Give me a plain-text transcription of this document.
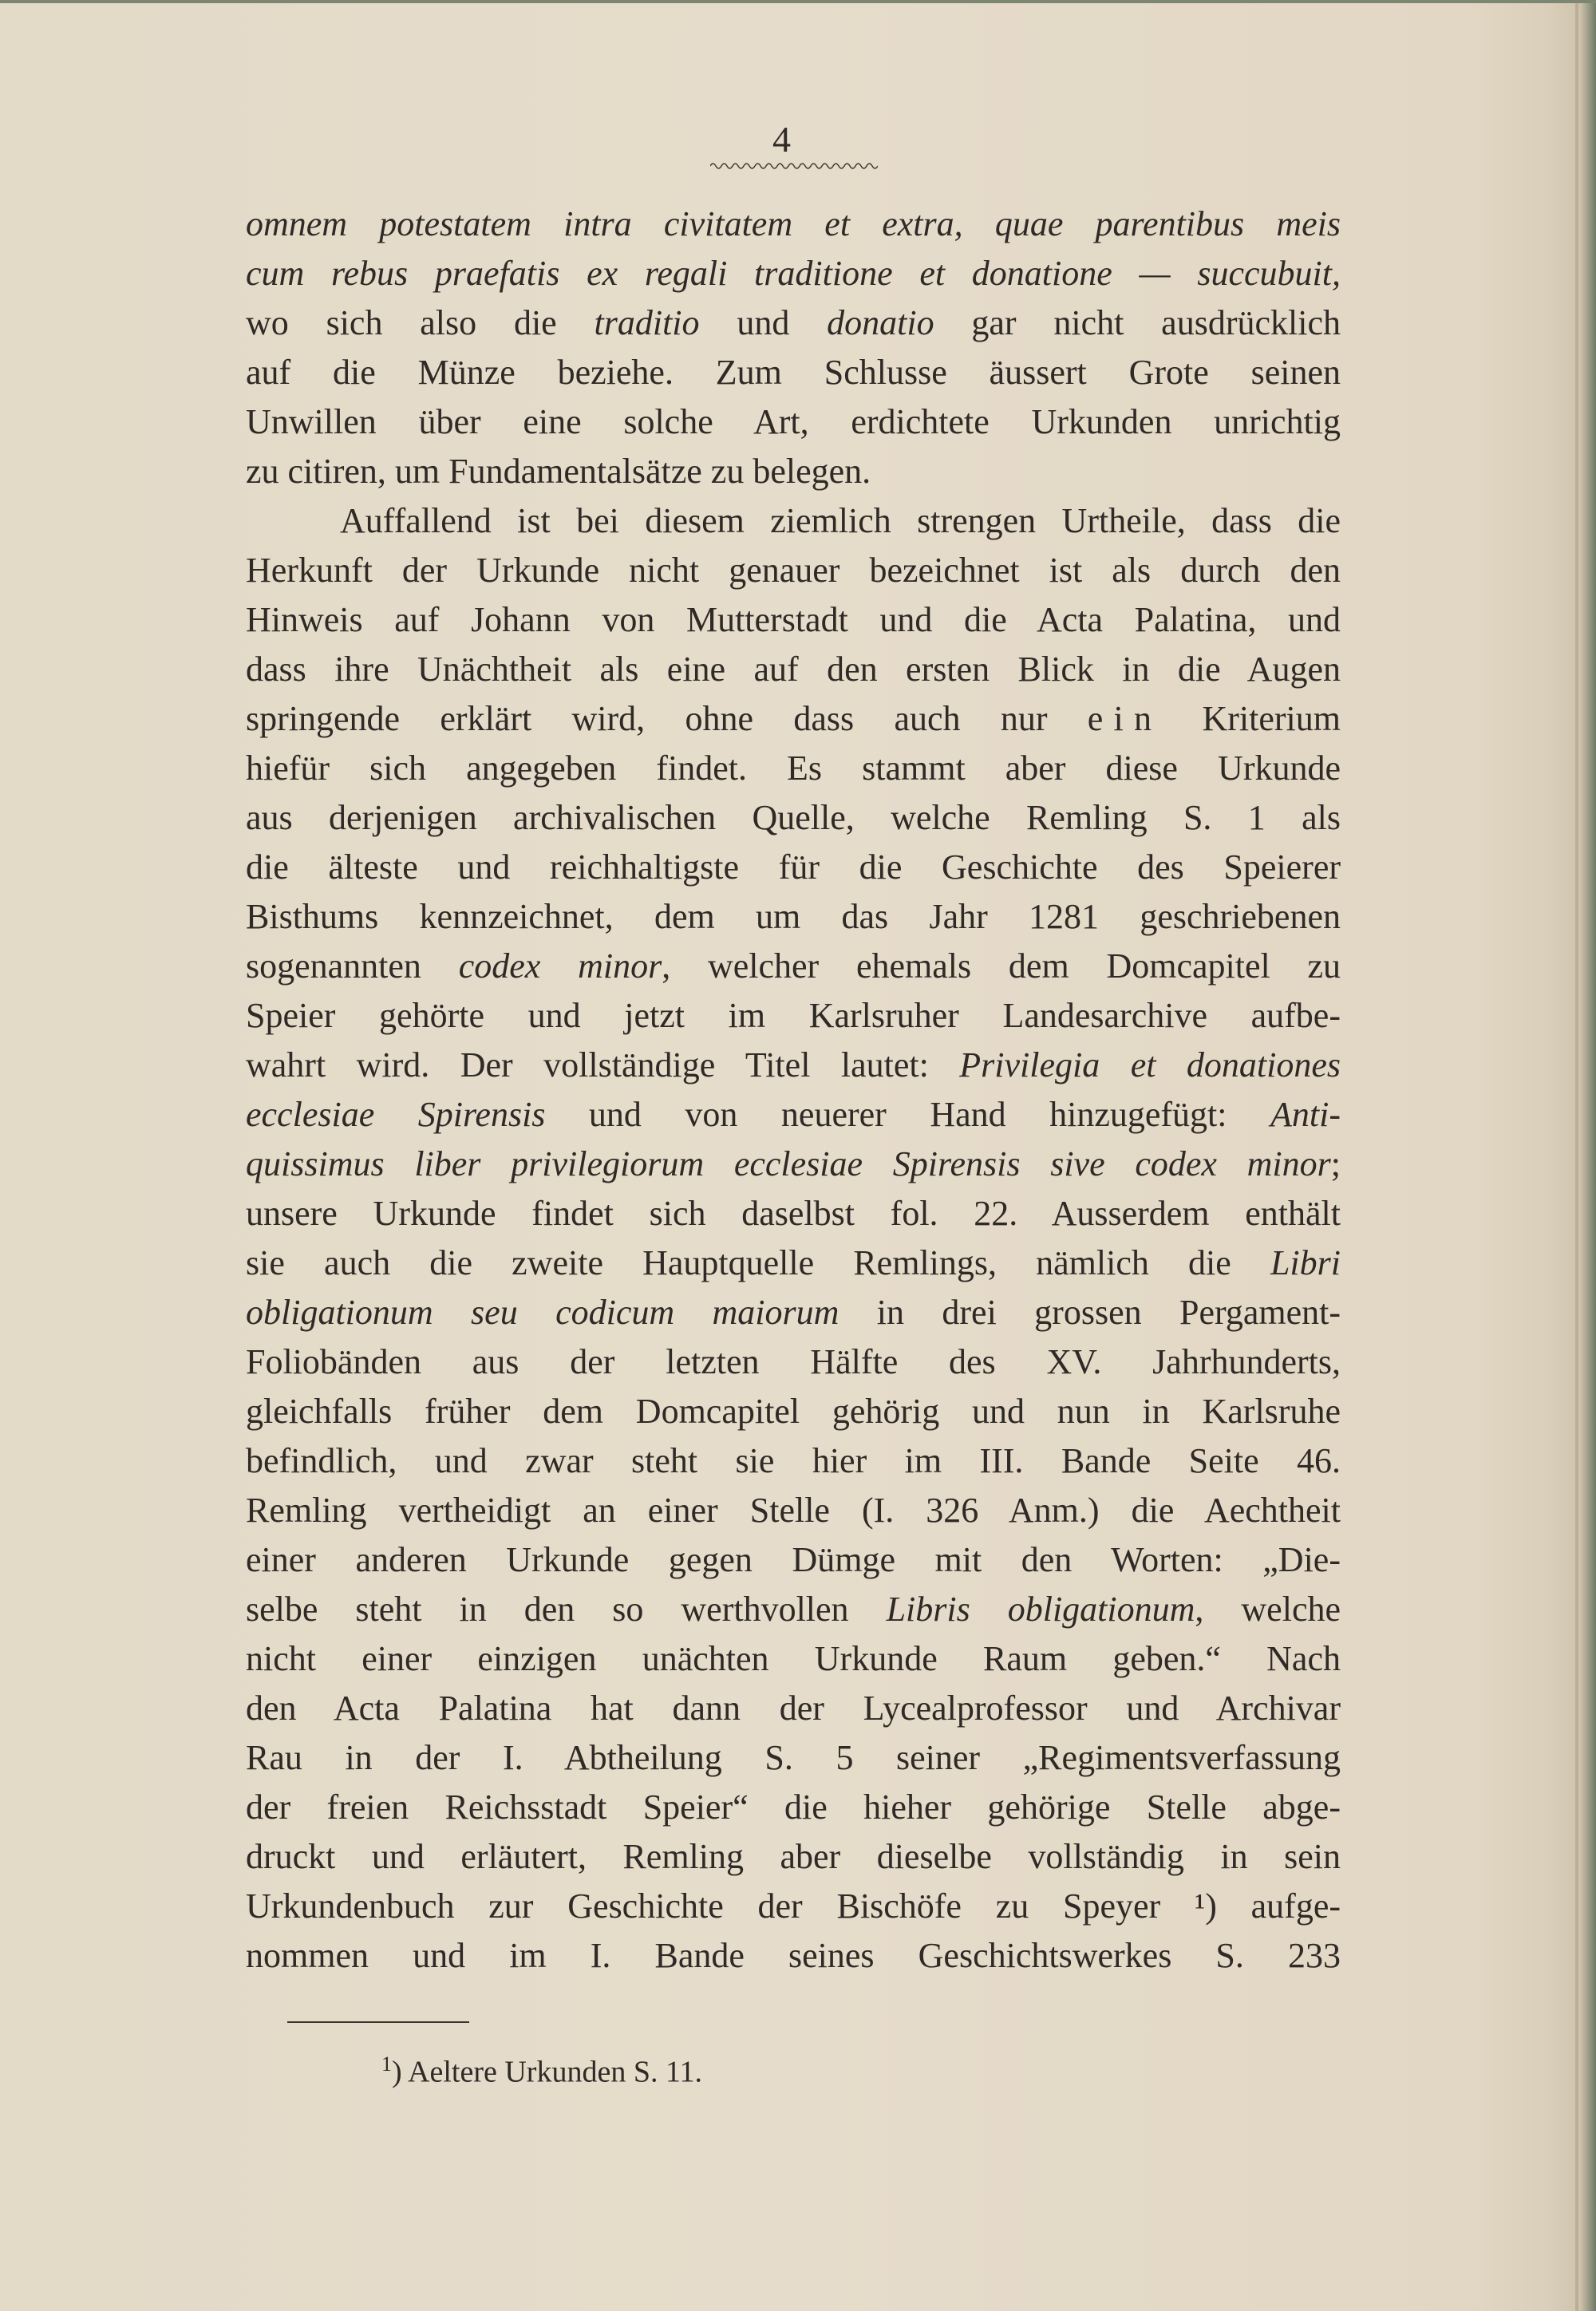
4
omnem potestatem intra civitatem et extra, quae parentibus meis
cum rebus praefatis ex regali traditione et donatione — succubuit,
wo sich also die traditio und donatio gar nicht ausdrücklich
auf die Münze beziehe. Zum Schlusse äussert Grote seinen
Unwillen über eine solche Art, erdichtete Urkunden unrichtig
zu citiren, um Fundamentalsätze zu belegen.
Auffallend ist bei diesem ziemlich strengen Urtheile, dass die
Herkunft der Urkunde nicht genauer bezeichnet ist als durch den
Hinweis auf Johann von Mutterstadt und die Acta Palatina, und
dass ihre Unächtheit als eine auf den ersten Blick in die Augen
springende erklärt wird, ohne dass auch nur ein Kriterium
hiefür sich angegeben findet. Es stammt aber diese Urkunde
aus derjenigen archivalischen Quelle, welche Remling S. 1 als
die älteste und reichhaltigste für die Geschichte des Speierer
Bisthums kennzeichnet, dem um das Jahr 1281 geschriebenen
sogenannten codex minor, welcher ehemals dem Domcapitel zu
Speier gehörte und jetzt im Karlsruher Landesarchive aufbe-
wahrt wird. Der vollständige Titel lautet: Privilegia et donationes
ecclesiae Spirensis und von neuerer Hand hinzugefügt: Anti-
quissimus liber privilegiorum ecclesiae Spirensis sive codex minor;
unsere Urkunde findet sich daselbst fol. 22. Ausserdem enthält
sie auch die zweite Hauptquelle Remlings, nämlich die Libri
obligationum seu codicum maiorum in drei grossen Pergament-
Foliobänden aus der letzten Hälfte des XV. Jahrhunderts,
gleichfalls früher dem Domcapitel gehörig und nun in Karlsruhe
befindlich, und zwar steht sie hier im III. Bande Seite 46.
Remling vertheidigt an einer Stelle (I. 326 Anm.) die Aechtheit
einer anderen Urkunde gegen Dümge mit den Worten: „Die-
selbe steht in den so werthvollen Libris obligationum, welche
nicht einer einzigen unächten Urkunde Raum geben.“ Nach
den Acta Palatina hat dann der Lycealprofessor und Archivar
Rau in der I. Abtheilung S. 5 seiner „Regimentsverfassung
der freien Reichsstadt Speier“ die hieher gehörige Stelle abge-
druckt und erläutert, Remling aber dieselbe vollständig in sein
Urkundenbuch zur Geschichte der Bischöfe zu Speyer ¹) aufge-
nommen und im I. Bande seines Geschichtswerkes S. 233
$^1$) Aeltere Urkunden S. 11.
